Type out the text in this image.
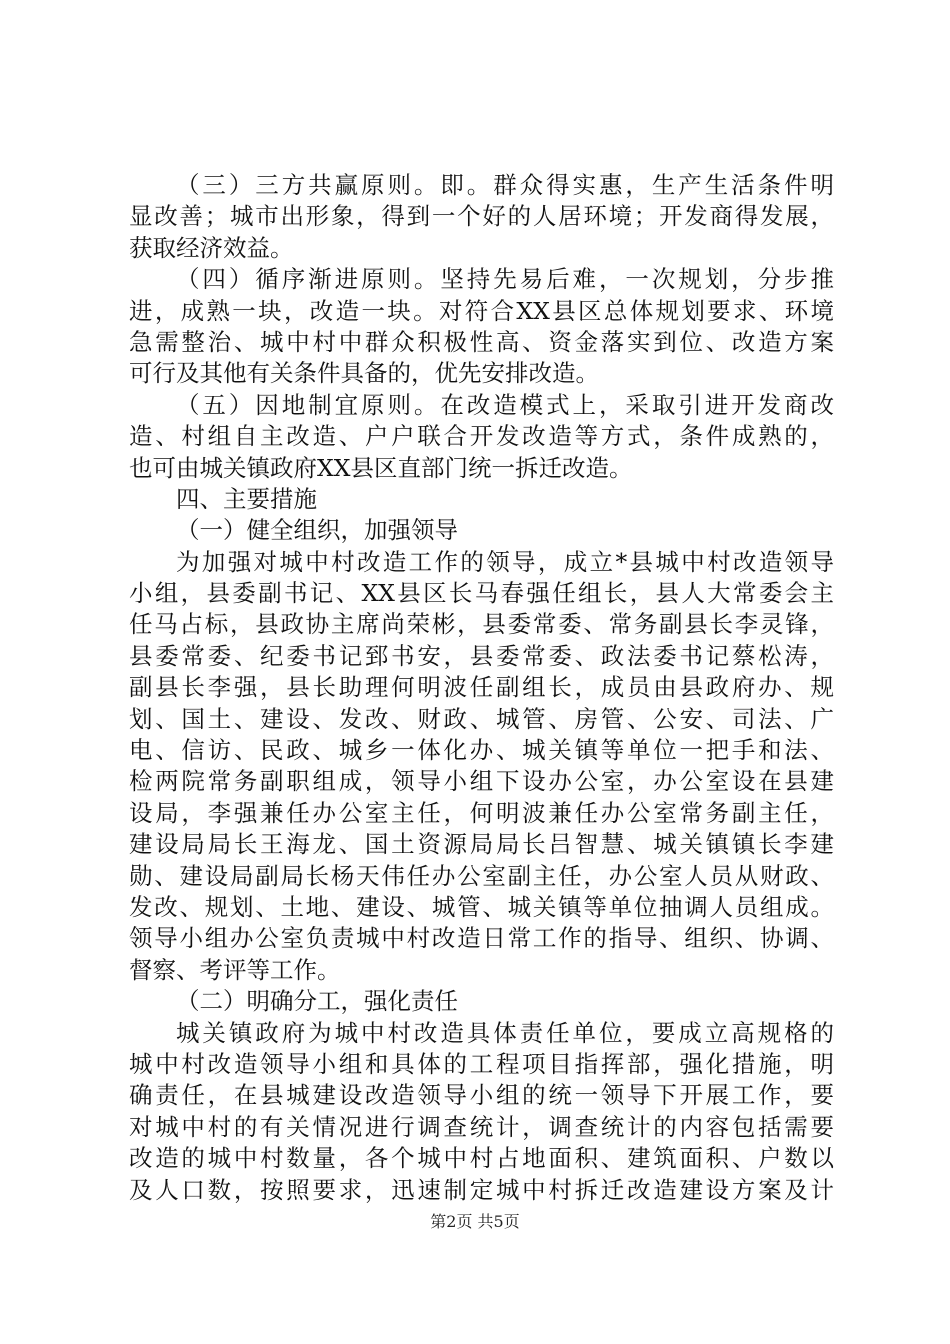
（三）三方共赢原则。即。群众得实惠，生产生活条件明
显改善；城市出形象，得到一个好的人居环境；开发商得发展，
获取经济效益。
（四）循序渐进原则。坚持先易后难，一次规划，分步推
进，成熟一块，改造一块。对符合XX县区总体规划要求、环境
急需整治、城中村中群众积极性高、资金落实到位、改造方案
可行及其他有关条件具备的，优先安排改造。
（五）因地制宜原则。在改造模式上，采取引进开发商改
造、村组自主改造、户户联合开发改造等方式，条件成熟的，
也可由城关镇政府XX县区直部门统一拆迁改造。
四、主要措施
（一）健全组织，加强领导
为加强对城中村改造工作的领导，成立*县城中村改造领导
小组，县委副书记、XX县区长马春强任组长，县人大常委会主
任马占标，县政协主席尚荣彬，县委常委、常务副县长李灵锋，
县委常委、纪委书记郅书安，县委常委、政法委书记蔡松涛，
副县长李强，县长助理何明波任副组长，成员由县政府办、规
划、国土、建设、发改、财政、城管、房管、公安、司法、广
电、信访、民政、城乡一体化办、城关镇等单位一把手和法、
检两院常务副职组成，领导小组下设办公室，办公室设在县建
设局，李强兼任办公室主任，何明波兼任办公室常务副主任，
建设局局长王海龙、国土资源局局长吕智慧、城关镇镇长李建
勋、建设局副局长杨天伟任办公室副主任，办公室人员从财政、
发改、规划、土地、建设、城管、城关镇等单位抽调人员组成。
领导小组办公室负责城中村改造日常工作的指导、组织、协调、
督察、考评等工作。
（二）明确分工，强化责任
城关镇政府为城中村改造具体责任单位，要成立高规格的
城中村改造领导小组和具体的工程项目指挥部，强化措施，明
确责任，在县城建设改造领导小组的统一领导下开展工作，要
对城中村的有关情况进行调查统计，调查统计的内容包括需要
改造的城中村数量，各个城中村占地面积、建筑面积、户数以
及人口数，按照要求，迅速制定城中村拆迁改造建设方案及计
第2页 共5页
